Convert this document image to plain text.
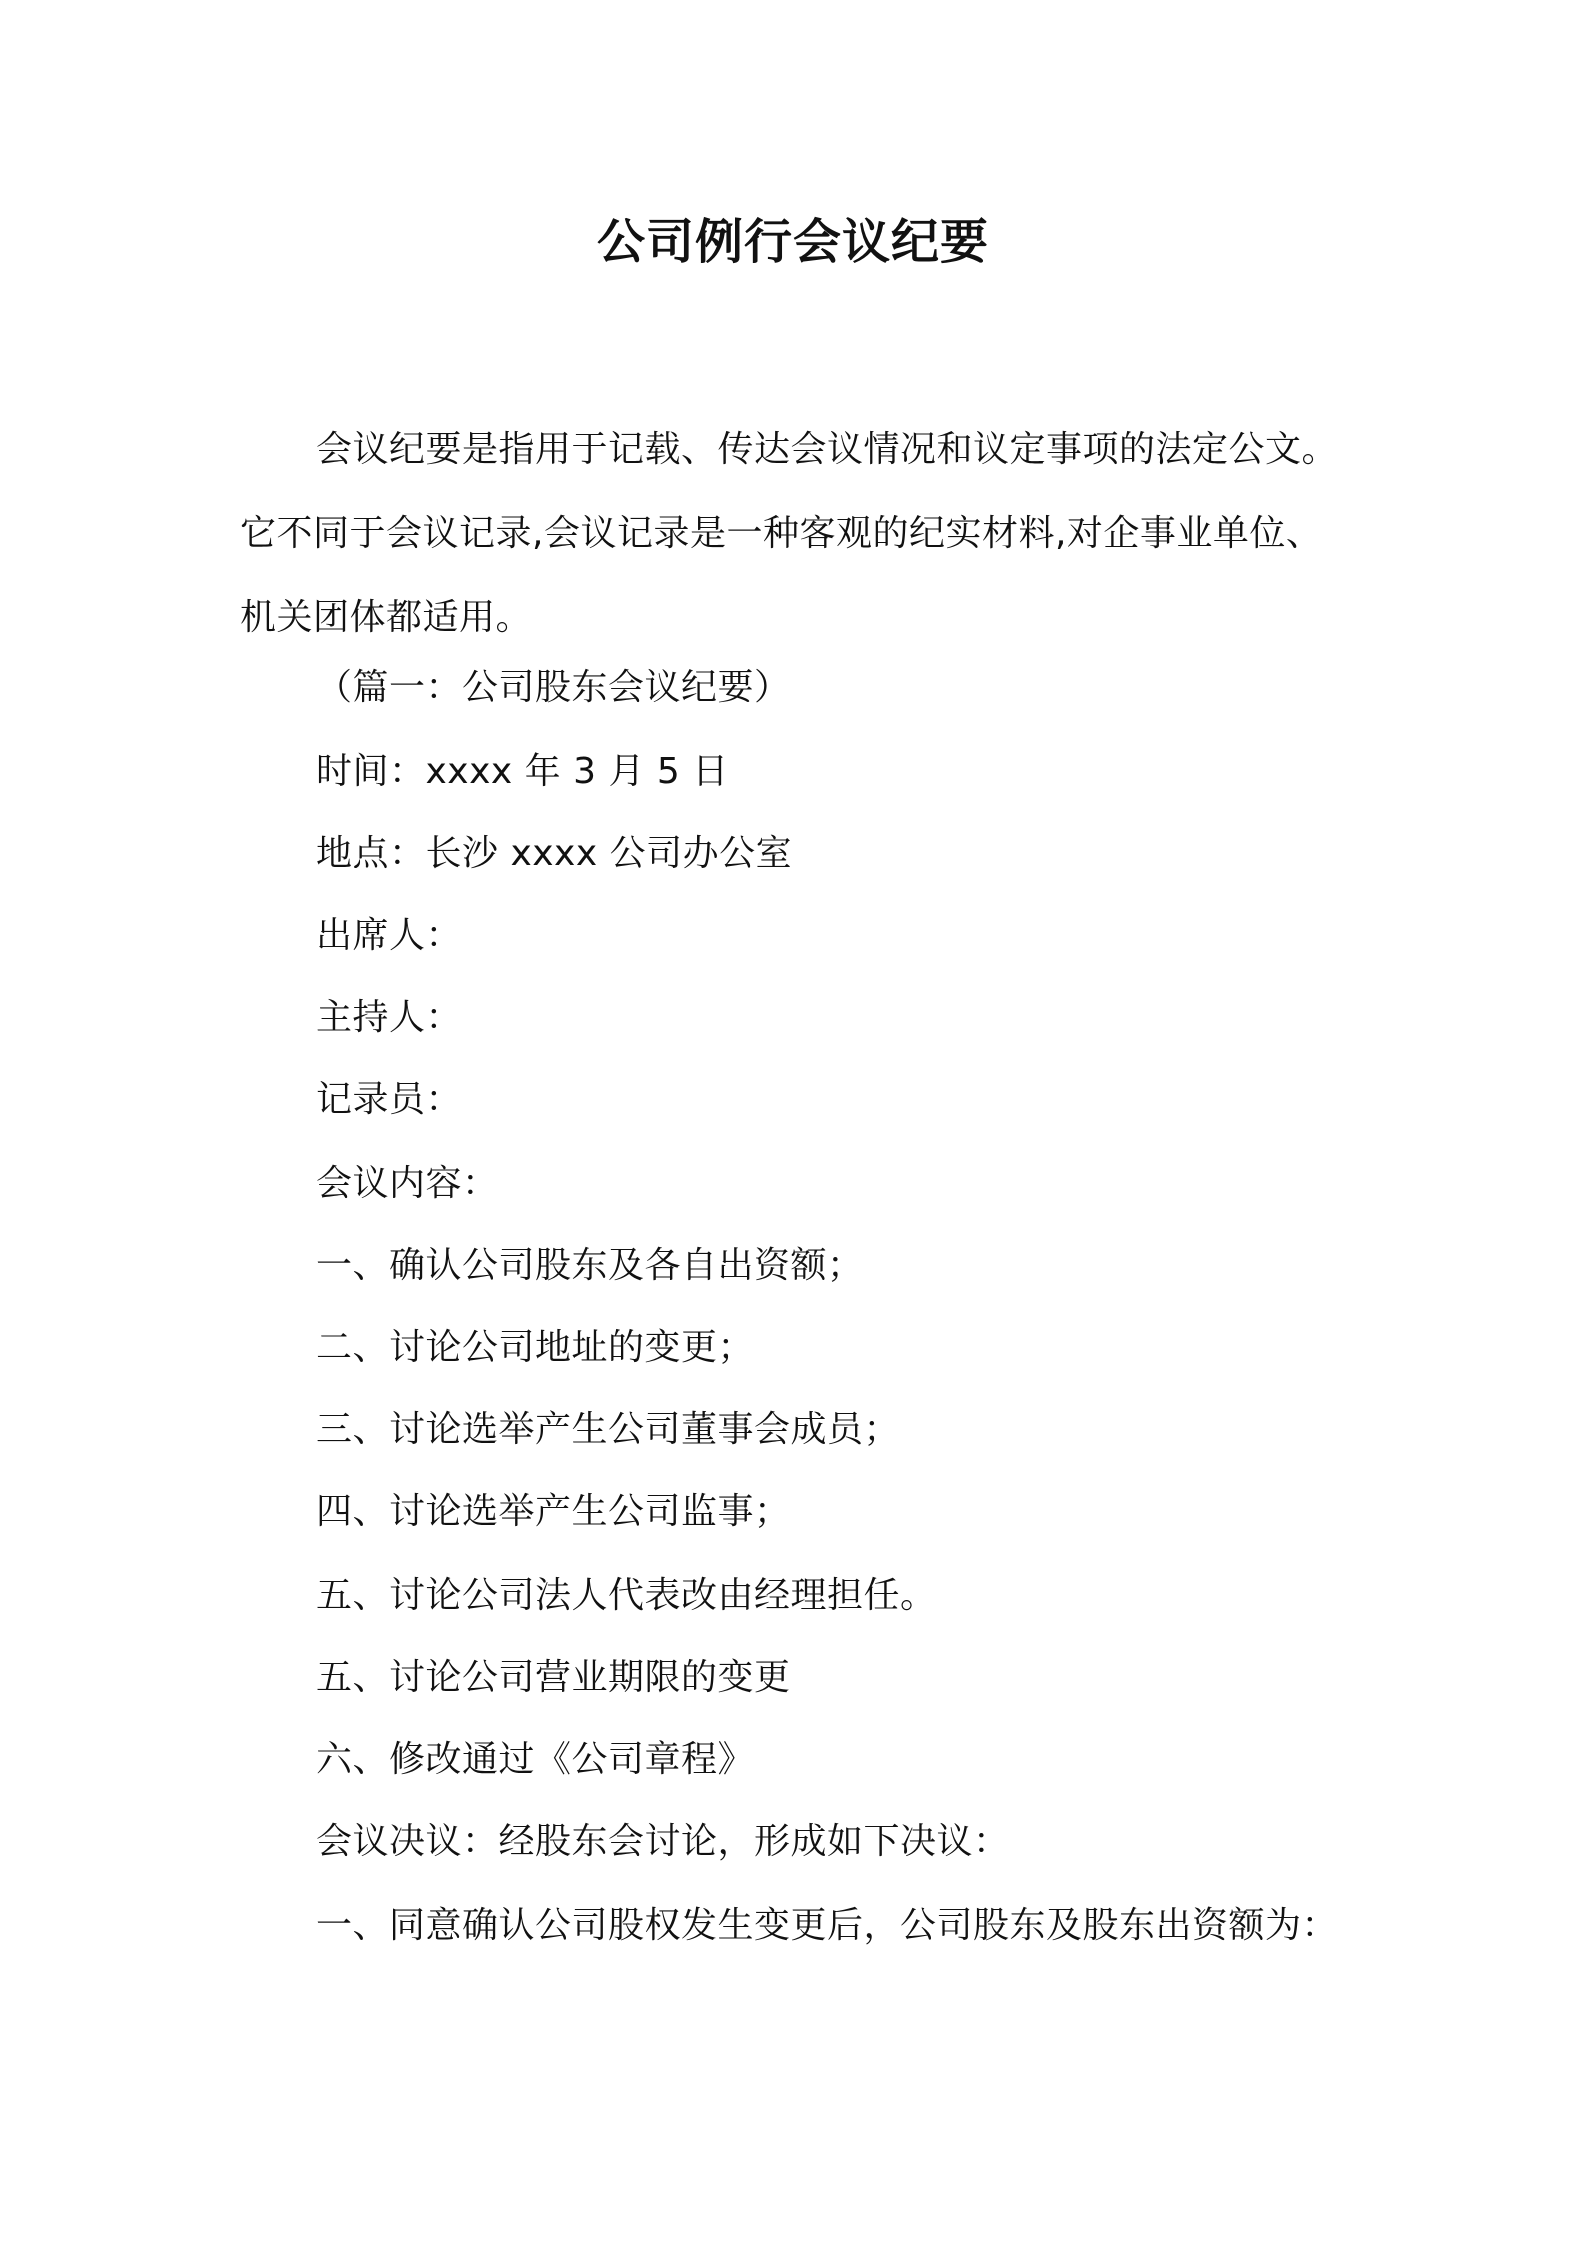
公司例行会议纪要
会议纪要是指用于记载、传达会议情况和议定事项的法定公文。它不同于会议记录,会议记录是一种客观的纪实材料,对企事业单位、机关团体都适用。
（篇一：公司股东会议纪要）
时间：xxxx 年 3 月 5 日
地点：长沙 xxxx 公司办公室
出席人：
主持人：
记录员：
会议内容：
一、确认公司股东及各自出资额；
二、讨论公司地址的变更；
三、讨论选举产生公司董事会成员；
四、讨论选举产生公司监事；
五、讨论公司法人代表改由经理担任。
五、讨论公司营业期限的变更
六、修改通过《公司章程》
会议决议：经股东会讨论，形成如下决议：
一、同意确认公司股权发生变更后，公司股东及股东出资额为：
